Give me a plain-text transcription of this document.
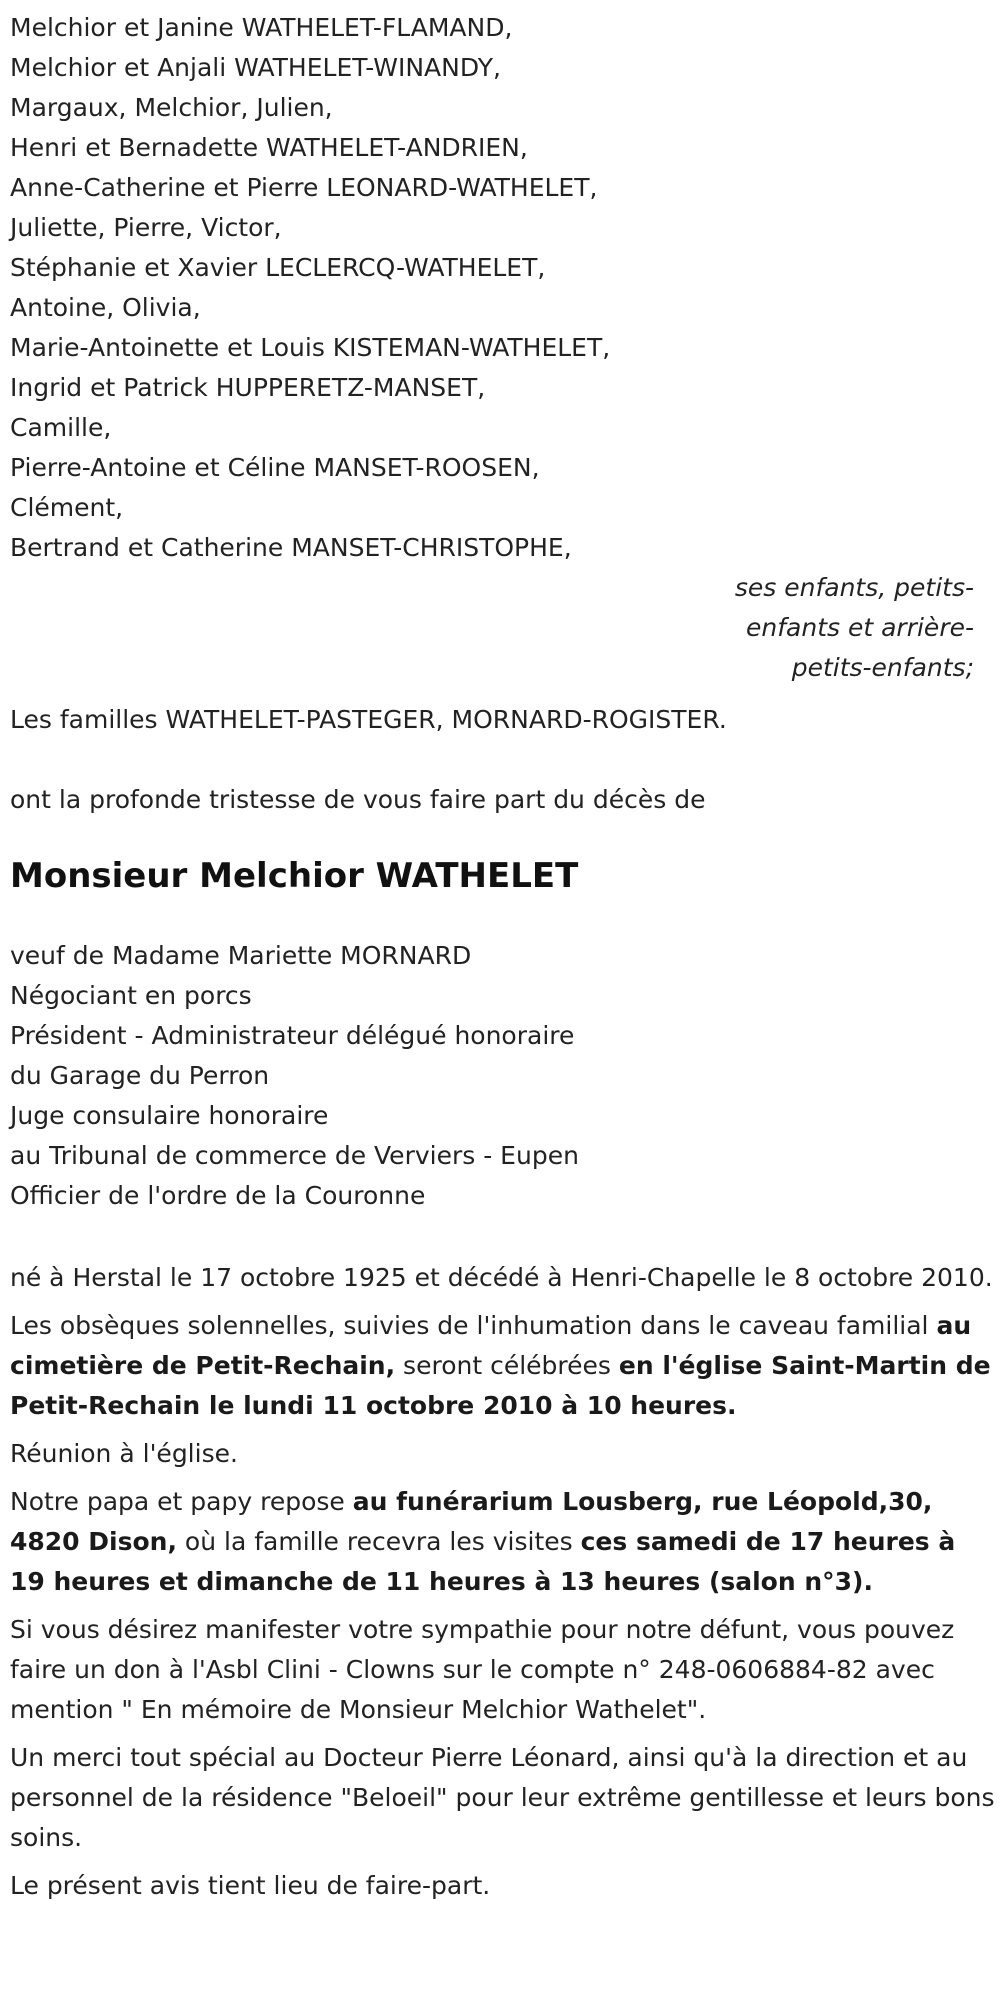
Melchior et Janine WATHELET-FLAMAND,
Melchior et Anjali WATHELET-WINANDY,
Margaux, Melchior, Julien,
Henri et Bernadette WATHELET-ANDRIEN,
Anne-Catherine et Pierre LEONARD-WATHELET,
Juliette, Pierre, Victor,
Stéphanie et Xavier LECLERCQ-WATHELET,
Antoine, Olivia,
Marie-Antoinette et Louis KISTEMAN-WATHELET,
Ingrid et Patrick HUPPERETZ-MANSET,
Camille,
Pierre-Antoine et Céline MANSET-ROOSEN,
Clément,
Bertrand et Catherine MANSET-CHRISTOPHE,
ses enfants, petits-
enfants et arrière-
petits-enfants;
Les familles WATHELET-PASTEGER, MORNARD-ROGISTER.
ont la profonde tristesse de vous faire part du décès de
Monsieur Melchior WATHELET
veuf de Madame Mariette MORNARD
Négociant en porcs
Président - Administrateur délégué honoraire
du Garage du Perron
Juge consulaire honoraire
au Tribunal de commerce de Verviers - Eupen
Officier de l'ordre de la Couronne

né à Herstal le 17 octobre 1925 et décédé à Henri-Chapelle le 8 octobre 2010.

Les obsèques solennelles, suivies de l'inhumation dans le caveau familial au cimetière de Petit-Rechain, seront célébrées en l'église Saint-Martin de Petit-Rechain le lundi 11 octobre 2010 à 10 heures.

Réunion à l'église.

Notre papa et papy repose au funérarium Lousberg, rue Léopold,30, 4820 Dison, où la famille recevra les visites ces samedi de 17 heures à 19 heures et dimanche de 11 heures à 13 heures (salon n°3).

Si vous désirez manifester votre sympathie pour notre défunt, vous pouvez faire un don à l'Asbl Clini - Clowns sur le compte n° 248-0606884-82 avec mention " En mémoire de Monsieur Melchior Wathelet".

Un merci tout spécial au Docteur Pierre Léonard, ainsi qu'à la direction et au personnel de la résidence "Beloeil" pour leur extrême gentillesse et leurs bons soins.

Le présent avis tient lieu de faire-part.
